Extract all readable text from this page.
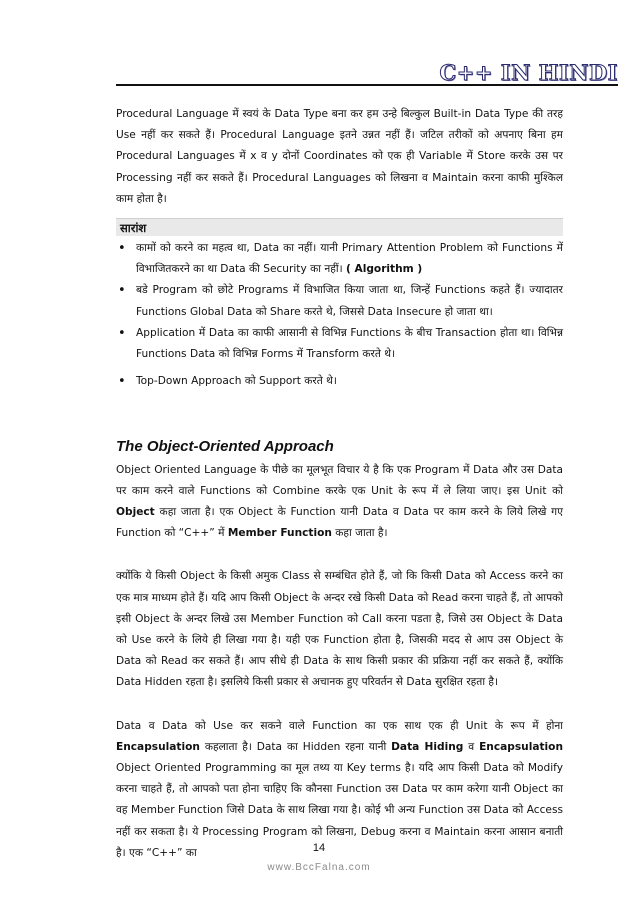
C++ IN HINDI

Procedural Language में स्वयं के Data Type बना कर हम उन्हे बिल्कुल Built-in Data Type की तरह Use नहीं कर सकते हैं। Procedural Language इतने उन्नत नहीं हैं। जटिल तरीकों को अपनाए बिना हम Procedural Languages में x व y दोनों Coordinates को एक ही Variable में Store करके उस पर Processing नहीं कर सकते हैं। Procedural Languages को लिखना व Maintain करना काफी मुश्किल काम होता है।

सारांश
• कामों को करने का महत्व था, Data का नहीं। यानी Primary Attention Problem को Functions में विभाजितकरने का था Data की Security का नहीं। ( Algorithm )
• बडे Program को छोटे Programs में विभाजित किया जाता था, जिन्हें Functions कहते हैं। ज्यादातर Functions Global Data को Share करते थे, जिससे Data Insecure हो जाता था।
• Application में Data का काफी आसानी से विभिन्न Functions के बीच Transaction होता था। विभिन्न Functions Data को विभिन्न Forms में Transform करते थे।
• Top-Down Approach को Support करते थे।
The Object-Oriented Approach

Object Oriented Language के पीछे का मूलभूत विचार ये है कि एक Program में Data और उस Data पर काम करने वाले Functions को Combine करके एक Unit के रूप में ले लिया जाए। इस Unit को Object कहा जाता है। एक Object के Function यानी Data व Data पर काम करने के लिये लिखे गए Function को “C++” में Member Function कहा जाता है।

क्योंकि ये किसी Object के किसी अमुक Class से सम्बंधित होते हैं, जो कि किसी Data को Access करने का एक मात्र माध्यम होते हैं। यदि आप किसी Object के अन्दर रखे किसी Data को Read करना चाहते हैं, तो आपको इसी Object के अन्दर लिखे उस Member Function को Call करना पडता है, जिसे उस Object के Data को Use करने के लिये ही लिखा गया है। यही एक Function होता है, जिसकी मदद से आप उस Object के Data को Read कर सकते हैं। आप सीधे ही Data के साथ किसी प्रकार की प्रक्रिया नहीं कर सकते हैं, क्योंकि Data Hidden रहता है। इसलिये किसी प्रकार से अचानक हुए परिवर्तन से Data सुरक्षित रहता है।

Data व Data को Use कर सकने वाले Function का एक साथ एक ही Unit के रूप में होना Encapsulation कहलाता है। Data का Hidden रहना यानी Data Hiding व Encapsulation Object Oriented Programming का मूल तथ्य या Key terms है। यदि आप किसी Data को Modify करना चाहते हैं, तो आपको पता होना चाहिए कि कौनसा Function उस Data पर काम करेगा यानी Object का वह Member Function जिसे Data के साथ लिखा गया है। कोई भी अन्य Function उस Data को Access नहीं कर सकता है। ये Processing Program को लिखना, Debug करना व Maintain करना आसान बनाती है। एक “C++” का	14
www.BccFalna.com
